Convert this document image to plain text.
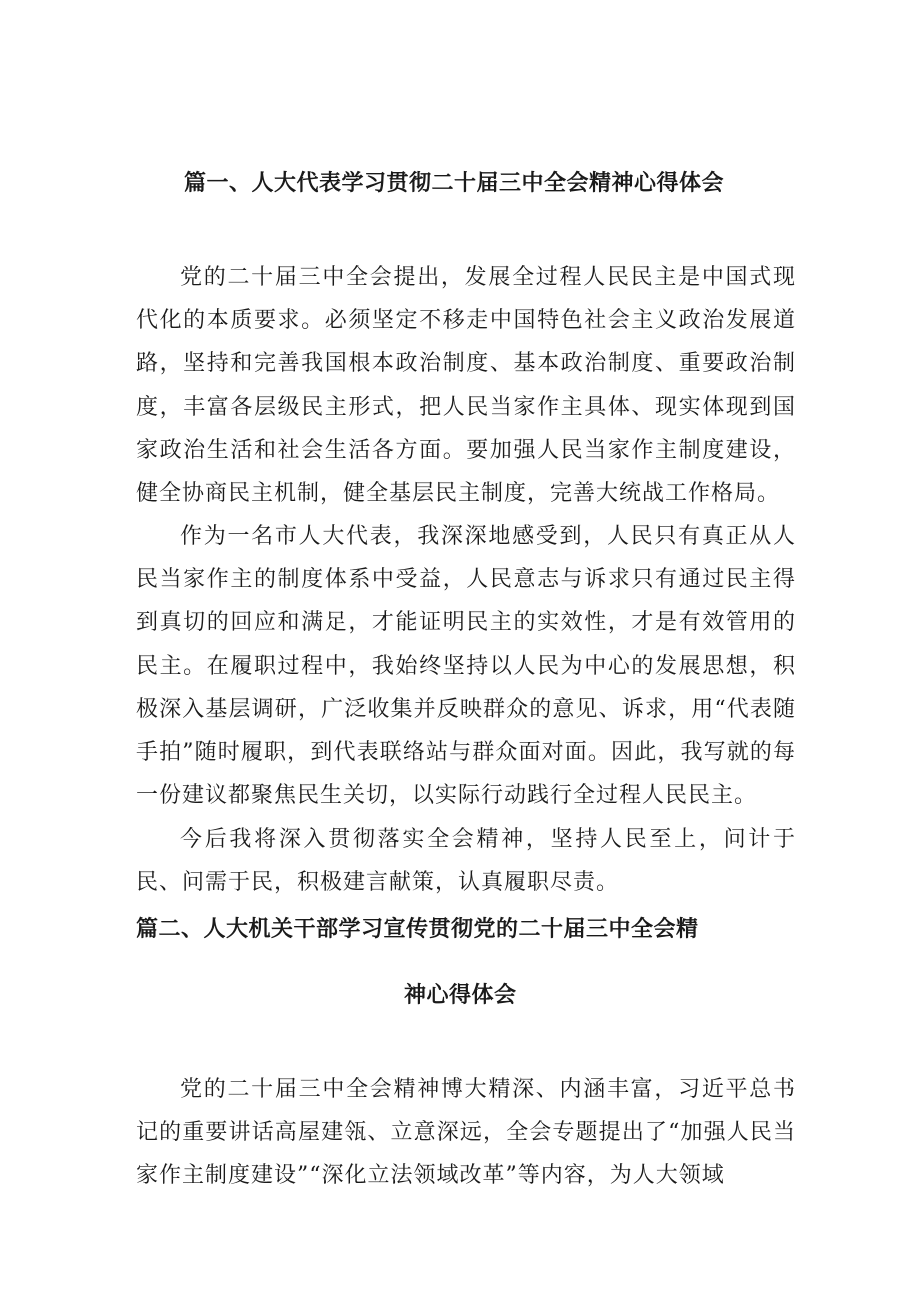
篇一、人大代表学习贯彻二十届三中全会精神心得体会

党的二十届三中全会提出，发展全过程人民民主是中国式现代化的本质要求。必须坚定不移走中国特色社会主义政治发展道路，坚持和完善我国根本政治制度、基本政治制度、重要政治制度，丰富各层级民主形式，把人民当家作主具体、现实体现到国家政治生活和社会生活各方面。要加强人民当家作主制度建设，健全协商民主机制，健全基层民主制度，完善大统战工作格局。

作为一名市人大代表，我深深地感受到，人民只有真正从人民当家作主的制度体系中受益，人民意志与诉求只有通过民主得到真切的回应和满足，才能证明民主的实效性，才是有效管用的民主。在履职过程中，我始终坚持以人民为中心的发展思想，积极深入基层调研，广泛收集并反映群众的意见、诉求，用“代表随手拍”随时履职，到代表联络站与群众面对面。因此，我写就的每一份建议都聚焦民生关切，以实际行动践行全过程人民民主。

今后我将深入贯彻落实全会精神，坚持人民至上，问计于民、问需于民，积极建言献策，认真履职尽责。

篇二、人大机关干部学习宣传贯彻党的二十届三中全会精
神心得体会

党的二十届三中全会精神博大精深、内涵丰富，习近平总书记的重要讲话高屋建瓴、立意深远，全会专题提出了“加强人民当家作主制度建设”“深化立法领域改革”等内容，为人大领域
